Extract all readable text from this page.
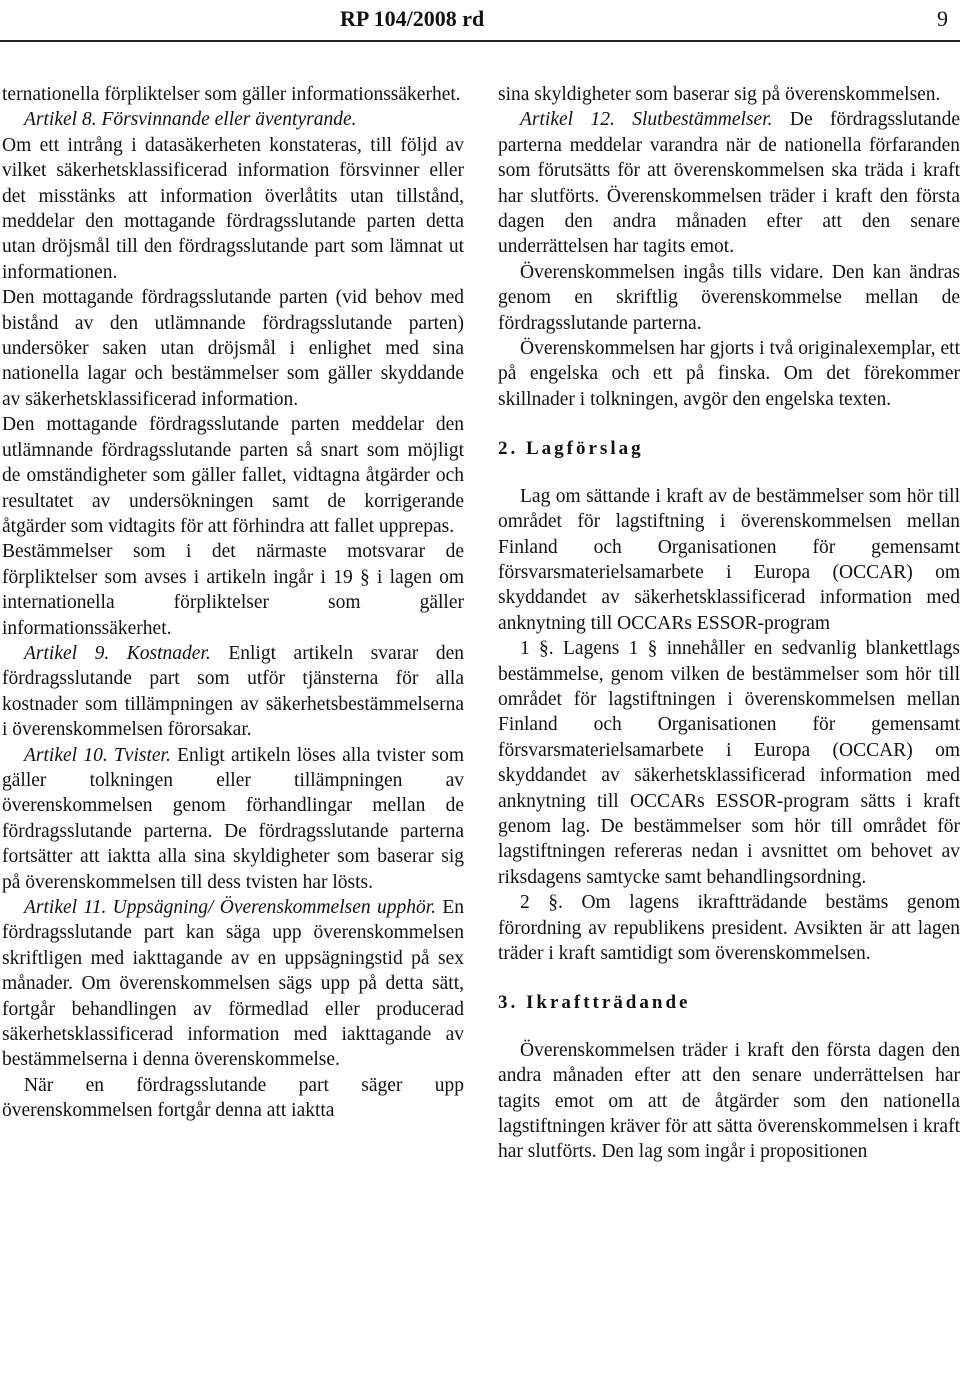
RP 104/2008 rd	9

ternationella förpliktelser som gäller informationssäkerhet.

Artikel 8. Försvinnande eller äventyrande.

Om ett intrång i datasäkerheten konstateras, till följd av vilket säkerhetsklassificerad information försvinner eller det misstänks att information överlåtits utan tillstånd, meddelar den mottagande fördragsslutande parten detta utan dröjsmål till den fördragsslutande part som lämnat ut informationen.

Den mottagande fördragsslutande parten (vid behov med bistånd av den utlämnande fördragsslutande parten) undersöker saken utan dröjsmål i enlighet med sina nationella lagar och bestämmelser som gäller skyddande av säkerhetsklassificerad information.

Den mottagande fördragsslutande parten meddelar den utlämnande fördragsslutande parten så snart som möjligt de omständigheter som gäller fallet, vidtagna åtgärder och resultatet av undersökningen samt de korrigerande åtgärder som vidtagits för att förhindra att fallet upprepas.

Bestämmelser som i det närmaste motsvarar de förpliktelser som avses i artikeln ingår i 19 § i lagen om internationella förpliktelser som gäller informationssäkerhet.

Artikel 9. Kostnader. Enligt artikeln svarar den fördragsslutande part som utför tjänsterna för alla kostnader som tillämpningen av säkerhetsbestämmelserna i överenskommelsen förorsakar.

Artikel 10. Tvister. Enligt artikeln löses alla tvister som gäller tolkningen eller tillämpningen av överenskommelsen genom förhandlingar mellan de fördragsslutande parterna. De fördragsslutande parterna fortsätter att iakttа alla sina skyldigheter som baserar sig på överenskommelsen till dess tvisten har lösts.

Artikel 11. Uppsägning/ Överenskommelsen upphör. En fördragsslutande part kan säga upp överenskommelsen skriftligen med iakttagande av en uppsägningstid på sex månader. Om överenskommelsen sägs upp på detta sätt, fortgår behandlingen av förmedlad eller producerad säkerhetsklassificerad information med iakttagande av bestämmelserna i denna överenskommelse.

När en fördragsslutande part säger upp överenskommelsen fortgår denna att iaktta

sina skyldigheter som baserar sig på överenskommelsen.

Artikel 12. Slutbestämmelser. De fördragsslutande parterna meddelar varandra när de nationella förfaranden som förutsätts för att överenskommelsen ska träda i kraft har slutförts. Överenskommelsen träder i kraft den första dagen den andra månaden efter att den senare underrättelsen har tagits emot.

Överenskommelsen ingås tills vidare. Den kan ändras genom en skriftlig överenskommelse mellan de fördragsslutande parterna.

Överenskommelsen har gjorts i två originalexemplar, ett på engelska och ett på finska. Om det förekommer skillnader i tolkningen, avgör den engelska texten.

2. Lagförslag

Lag om sättande i kraft av de bestämmelser som hör till området för lagstiftning i överenskommelsen mellan Finland och Organisationen för gemensamt försvarsmaterielsamarbete i Europa (OCCAR) om skyddandet av säkerhetsklassificerad information med anknytning till OCCARs ESSOR-program

1 §. Lagens 1 § innehåller en sedvanlig blankettlags bestämmelse, genom vilken de bestämmelser som hör till området för lagstiftningen i överenskommelsen mellan Finland och Organisationen för gemensamt försvarsmaterielsamarbete i Europa (OCCAR) om skyddandet av säkerhetsklassificerad information med anknytning till OCCARs ESSOR-program sätts i kraft genom lag. De bestämmelser som hör till området för lagstiftningen refereras nedan i avsnittet om behovet av riksdagens samtycke samt behandlingsordning.

2 §. Om lagens ikraftträdande bestäms genom förordning av republikens president. Avsikten är att lagen träder i kraft samtidigt som överenskommelsen.

3. Ikraftträdande

Överenskommelsen träder i kraft den första dagen den andra månaden efter att den senare underrättelsen har tagits emot om att de åtgärder som den nationella lagstiftningen kräver för att sätta överenskommelsen i kraft har slutförts. Den lag som ingår i propositionen
